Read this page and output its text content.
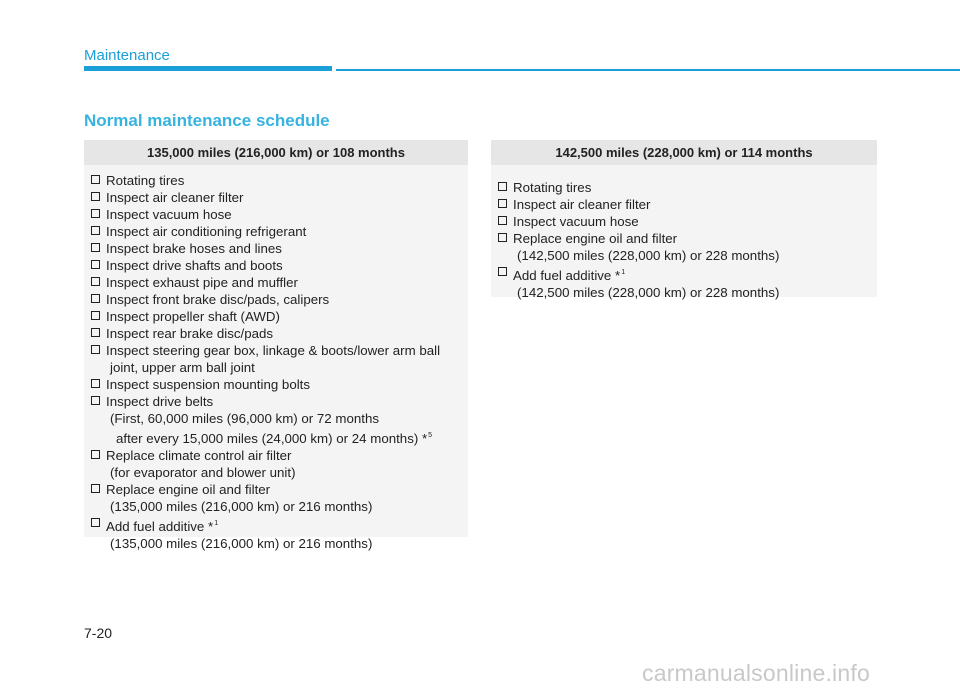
Maintenance
Normal maintenance schedule
135,000 miles (216,000 km) or 108 months
Rotating tires
Inspect air cleaner filter
Inspect vacuum hose
Inspect air conditioning refrigerant
Inspect brake hoses and lines
Inspect drive shafts and boots
Inspect exhaust pipe and muffler
Inspect front brake disc/pads, calipers
Inspect propeller shaft (AWD)
Inspect rear brake disc/pads
Inspect steering gear box, linkage & boots/lower arm ball
joint, upper arm ball joint
Inspect suspension mounting bolts
Inspect drive belts
(First, 60,000 miles (96,000 km) or 72 months
after every 15,000 miles (24,000 km) or 24 months) *$^5$
Replace climate control air filter
(for evaporator and blower unit)
Replace engine oil and filter
(135,000 miles (216,000 km) or 216 months)
Add fuel additive *$^1$
(135,000 miles (216,000 km) or 216 months)
142,500 miles (228,000 km) or 114 months
Rotating tires
Inspect air cleaner filter
Inspect vacuum hose
Replace engine oil and filter
(142,500 miles (228,000 km) or 228 months)
Add fuel additive *$^1$
(142,500 miles (228,000 km) or 228 months)
7-20
carmanualsonline.info
